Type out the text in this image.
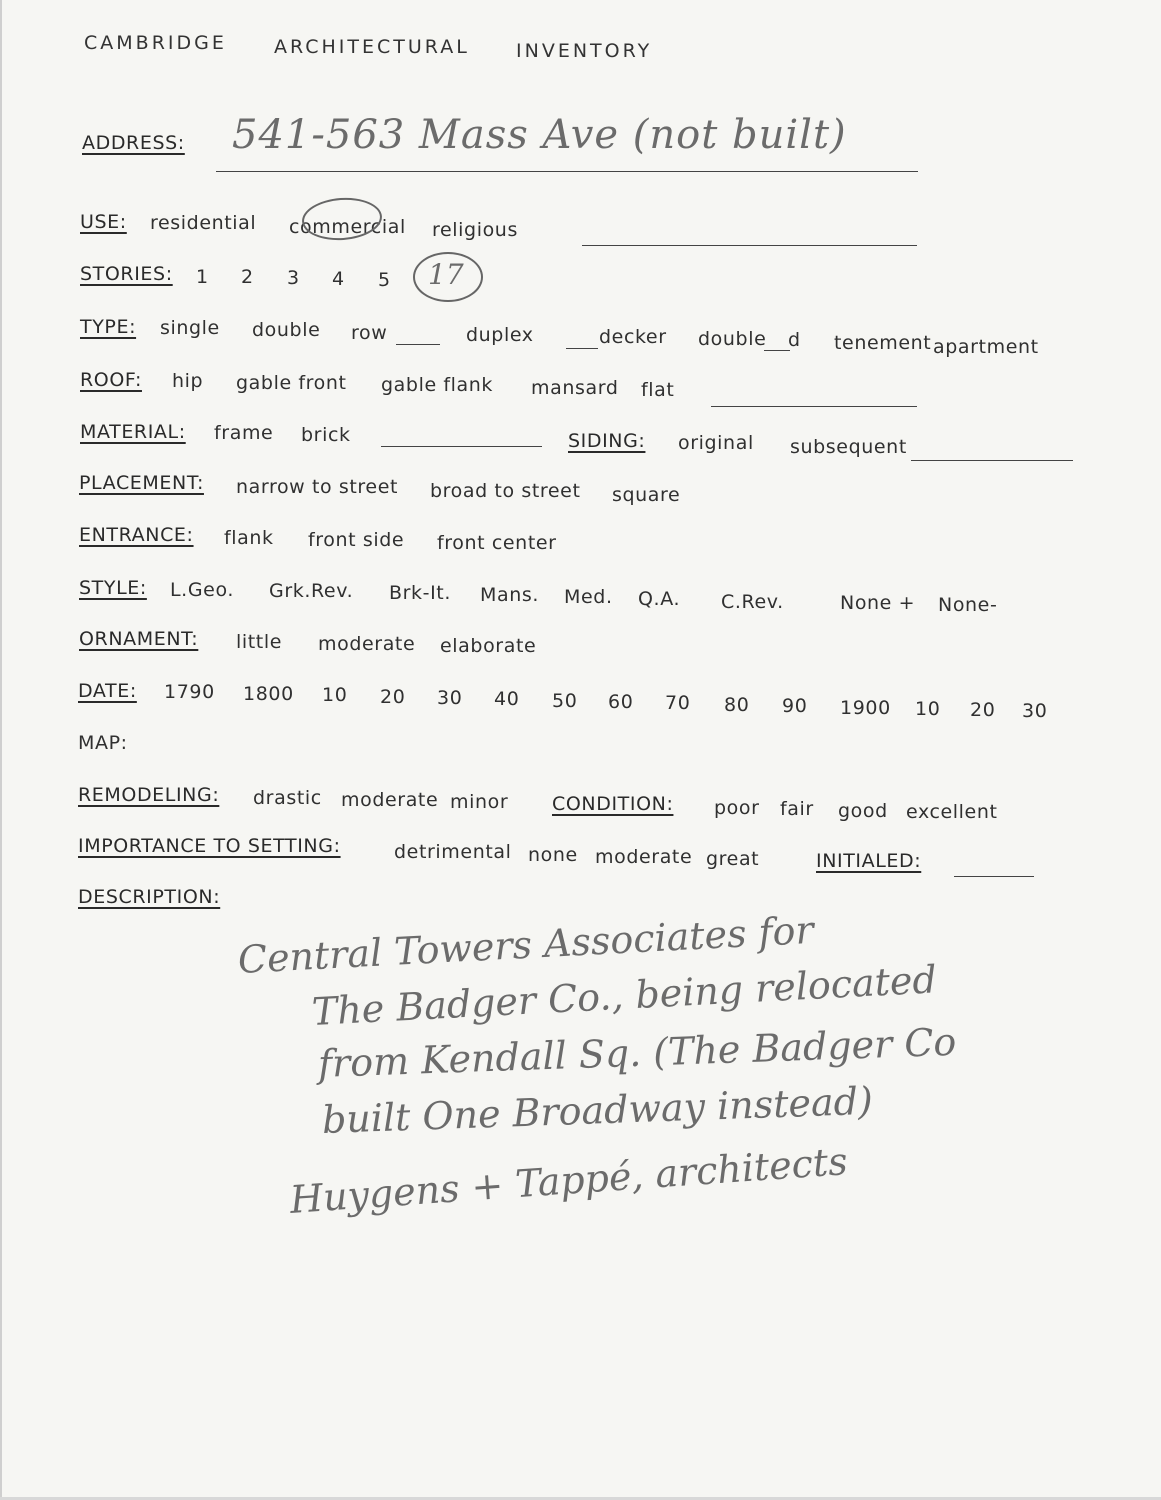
CAMBRIDGE ARCHITECTURAL INVENTORY
ADDRESS: 541-563 Mass Ave (not built)
USE: residential commercial religious
STORIES: 1 2 3 4 5 17
TYPE: single double row	duplex	decker double d tenement apartment
ROOF: hip gable front gable flank mansard flat
MATERIAL: frame brick	SIDING: original subsequent
PLACEMENT: narrow to street broad to street square
ENTRANCE: flank front side front center
STYLE: L.Geo. Grk.Rev. Brk-It. Mans. Med. Q.A. C.Rev.	None + None-
ORNAMENT: little moderate elaborate
DATE: 1790 1800 10 20 30 40 50 60 70 80 90 1900 10 20 30
MAP:
REMODELING: drastic moderate minor CONDITION: poor fair good excellent
IMPORTANCE TO SETTING:	detrimental none moderate great	INITIALED:
DESCRIPTION:
Central Towers Associates for
The Badger Co., being relocated
from Kendall Sq. (The Badger Co
built One Broadway instead)
Huygens + Tappé, architects
